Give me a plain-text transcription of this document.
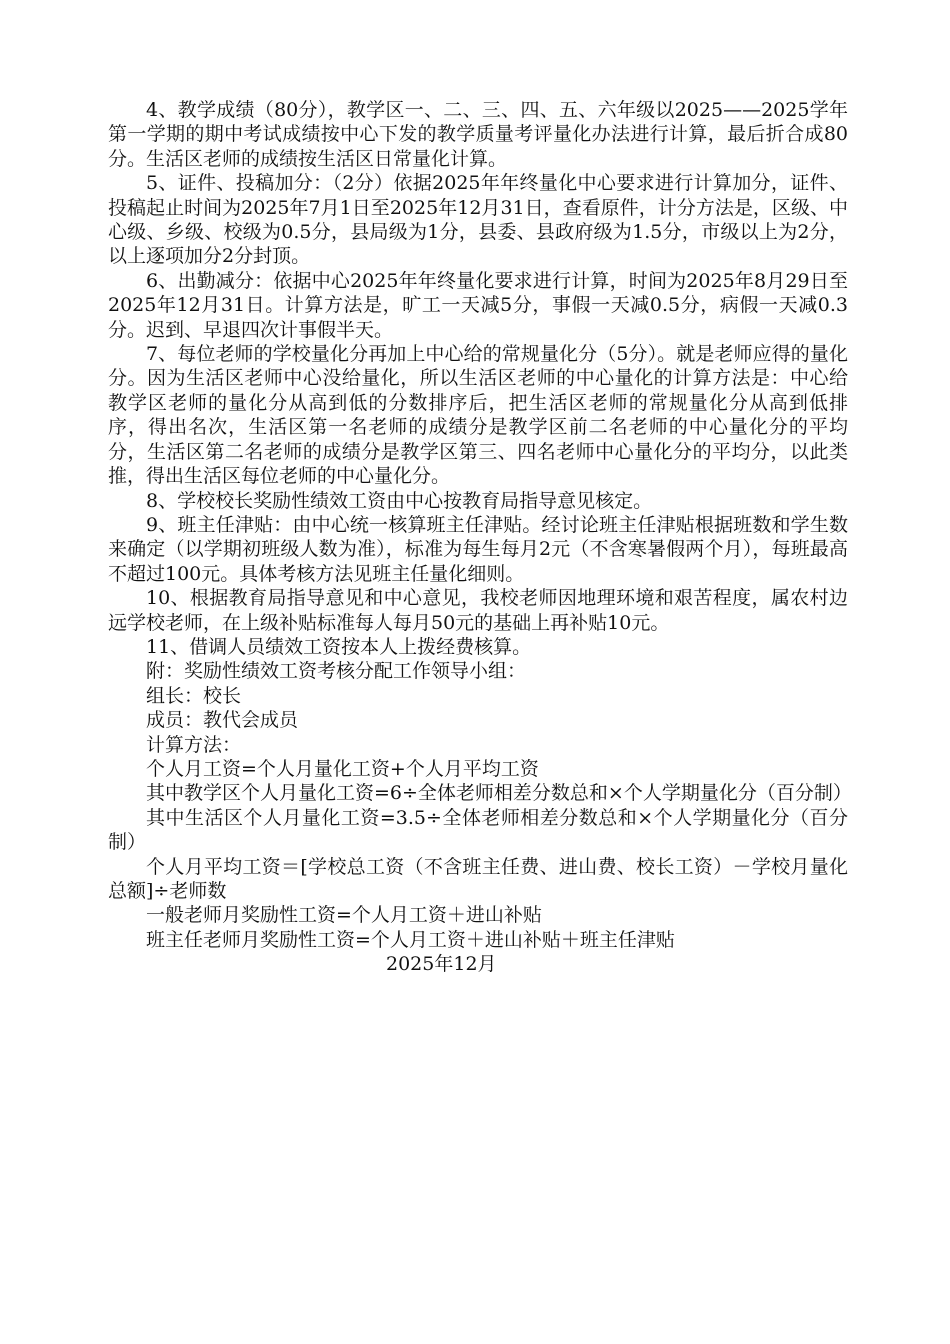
4、教学成绩（80分），教学区一、二、三、四、五、六年级以2025——2025学年第一学期的期中考试成绩按中心下发的教学质量考评量化办法进行计算，最后折合成80分。生活区老师的成绩按生活区日常量化计算。

5、证件、投稿加分：（2分）依据2025年年终量化中心要求进行计算加分，证件、投稿起止时间为2025年7月1日至2025年12月31日，查看原件，计分方法是，区级、中心级、乡级、校级为0.5分，县局级为1分，县委、县政府级为1.5分，市级以上为2分，以上逐项加分2分封顶。

6、出勤减分：依据中心2025年年终量化要求进行计算，时间为2025年8月29日至2025年12月31日。计算方法是，旷工一天减5分，事假一天减0.5分，病假一天减0.3分。迟到、早退四次计事假半天。

7、每位老师的学校量化分再加上中心给的常规量化分（5分）。就是老师应得的量化分。因为生活区老师中心没给量化，所以生活区老师的中心量化的计算方法是：中心给教学区老师的量化分从高到低的分数排序后，把生活区老师的常规量化分从高到低排序，得出名次，生活区第一名老师的成绩分是教学区前二名老师的中心量化分的平均分，生活区第二名老师的成绩分是教学区第三、四名老师中心量化分的平均分，以此类推，得出生活区每位老师的中心量化分。

8、学校校长奖励性绩效工资由中心按教育局指导意见核定。

9、班主任津贴：由中心统一核算班主任津贴。经讨论班主任津贴根据班数和学生数来确定（以学期初班级人数为准），标准为每生每月2元（不含寒暑假两个月），每班最高不超过100元。具体考核方法见班主任量化细则。

10、根据教育局指导意见和中心意见，我校老师因地理环境和艰苦程度，属农村边远学校老师，在上级补贴标准每人每月50元的基础上再补贴10元。

11、借调人员绩效工资按本人上拨经费核算。

附：奖励性绩效工资考核分配工作领导小组：

组长：校长

成员：教代会成员

计算方法：

个人月工资=个人月量化工资+个人月平均工资

其中教学区个人月量化工资=6÷全体老师相差分数总和×个人学期量化分（百分制）

其中生活区个人月量化工资=3.5÷全体老师相差分数总和×个人学期量化分（百分制）

个人月平均工资＝[学校总工资（不含班主任费、进山费、校长工资）－学校月量化总额]÷老师数

一般老师月奖励性工资=个人月工资＋进山补贴

班主任老师月奖励性工资=个人月工资＋进山补贴＋班主任津贴

2025年12月
